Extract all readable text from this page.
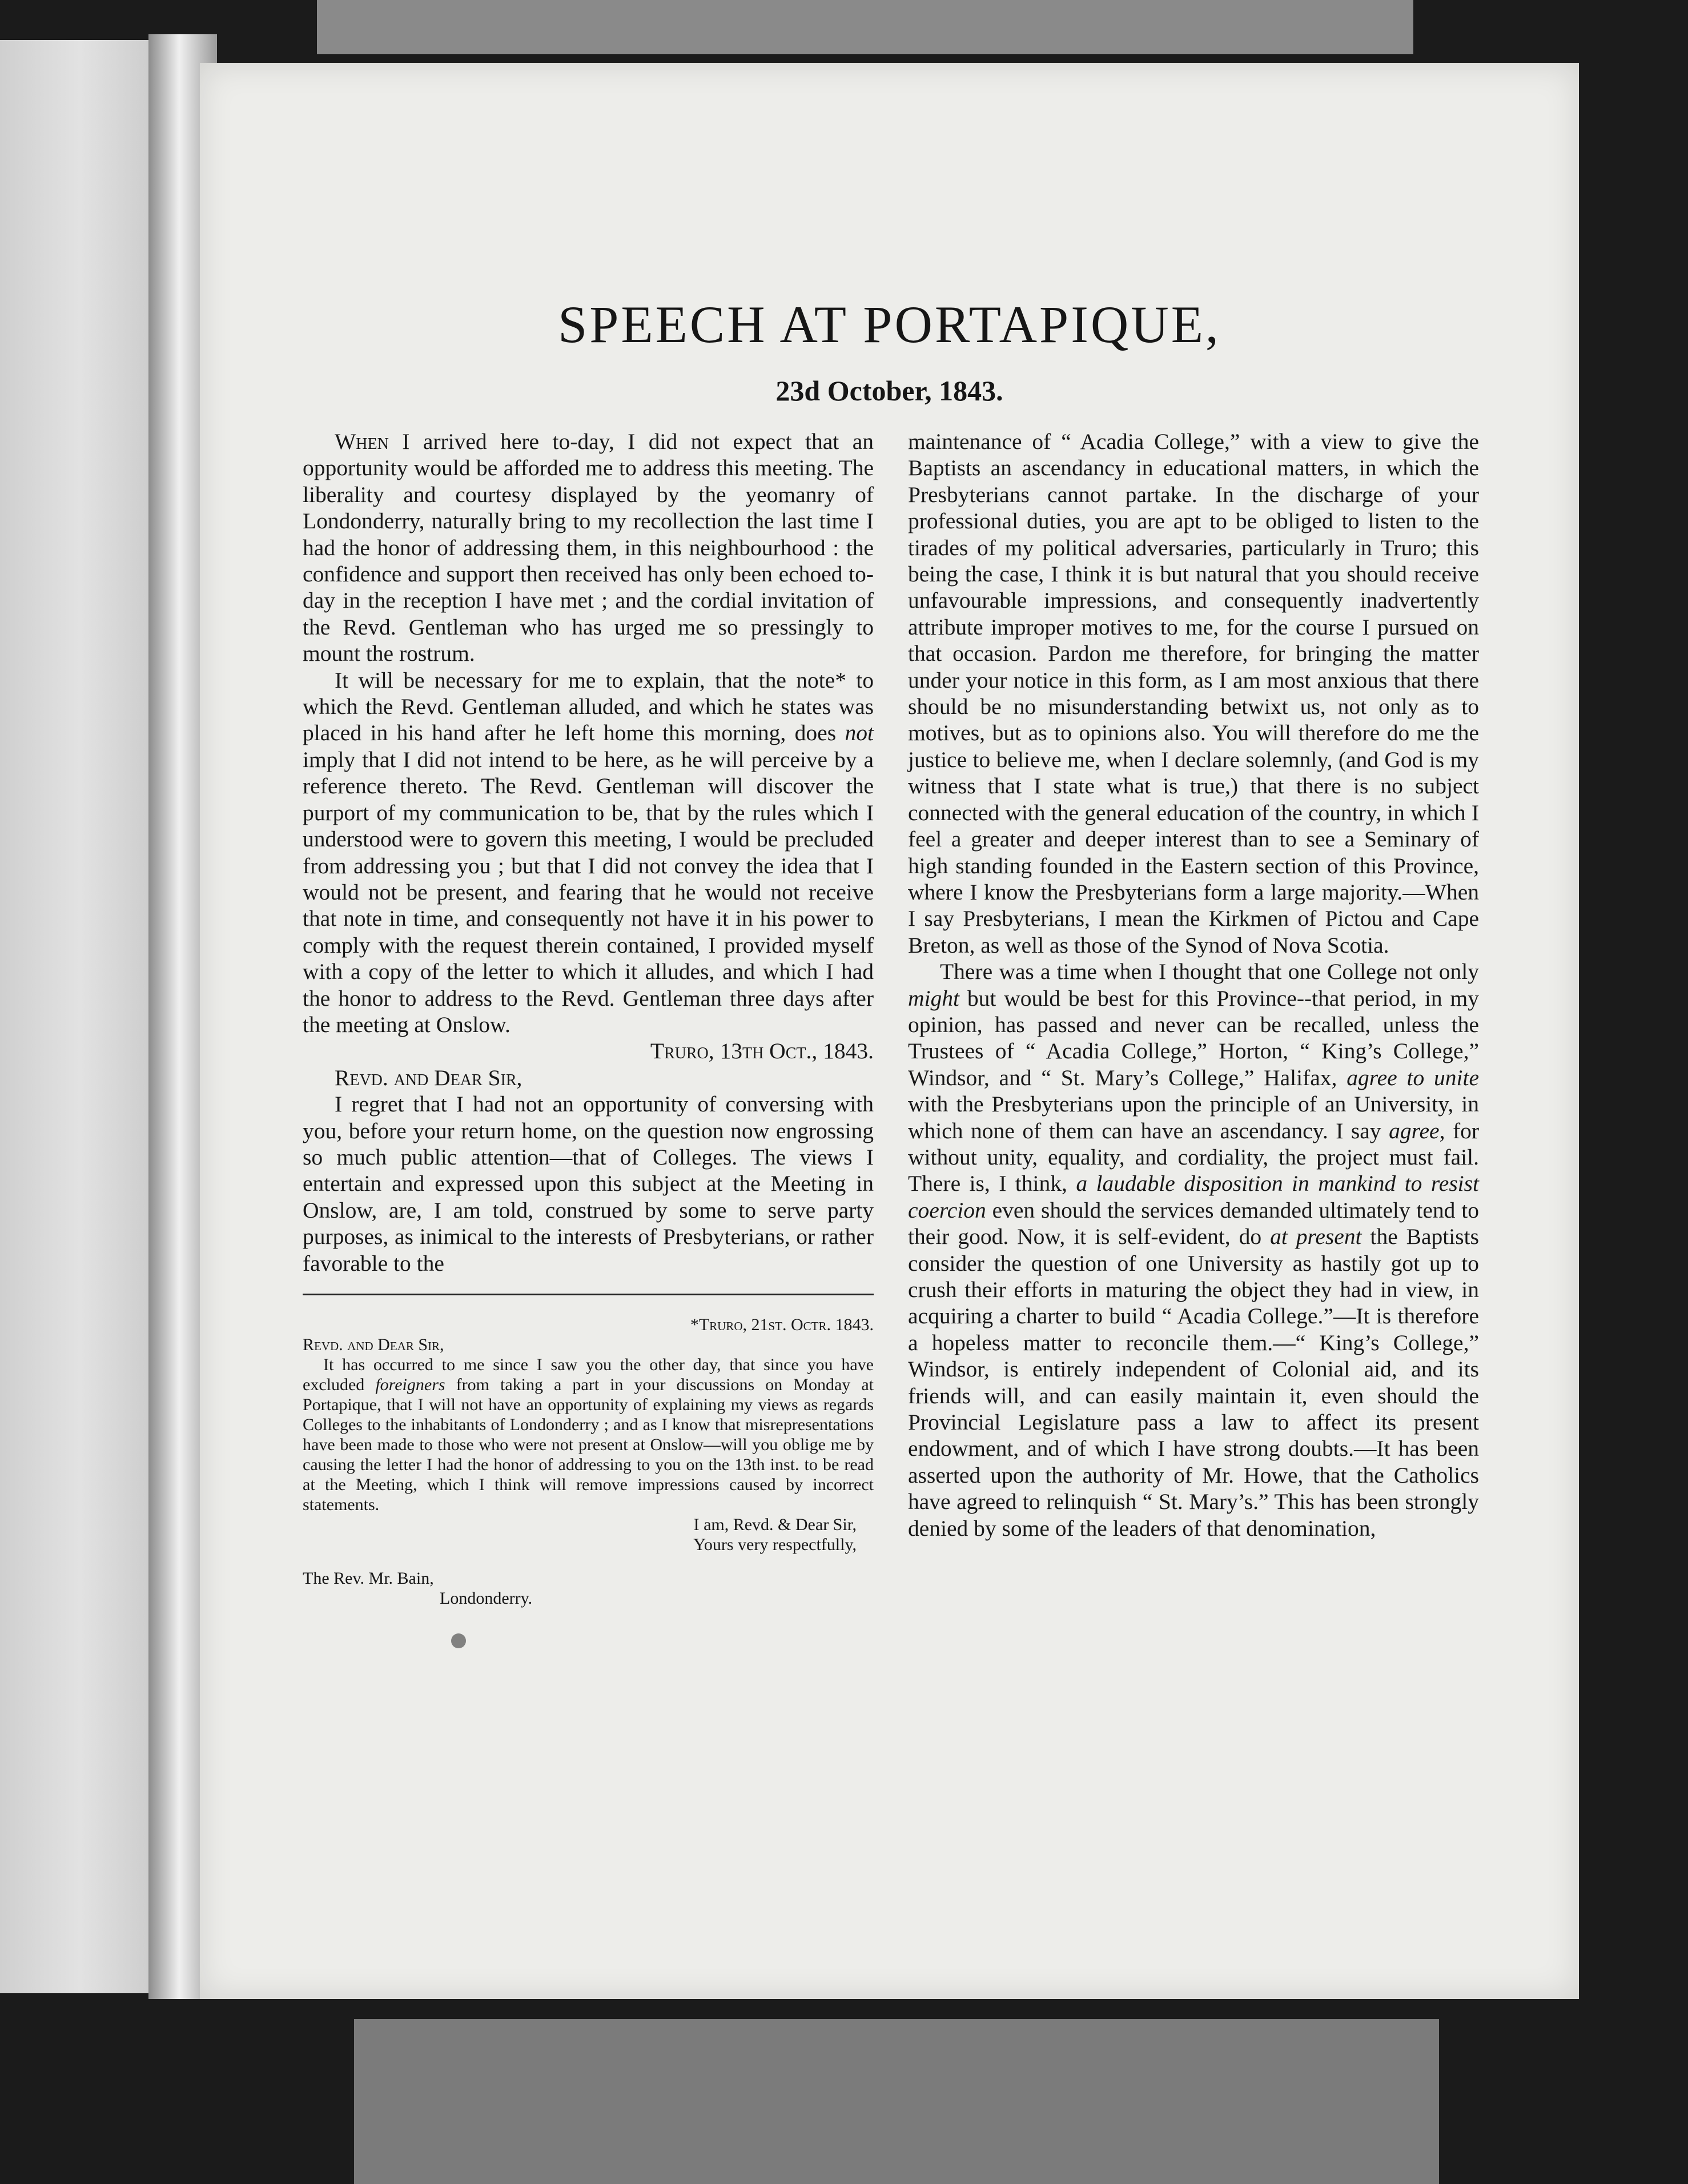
SPEECH AT PORTAPIQUE,
23d October, 1843.

When I arrived here to-day, I did not expect that an opportunity would be afforded me to address this meeting. The liberality and courtesy displayed by the yeomanry of Londonderry, naturally bring to my recollection the last time I had the honor of addressing them, in this neighbourhood : the confidence and support then received has only been echoed to-day in the reception I have met ; and the cordial invitation of the Revd. Gentleman who has urged me so pressingly to mount the rostrum.

It will be necessary for me to explain, that the note* to which the Revd. Gentleman alluded, and which he states was placed in his hand after he left home this morning, does not imply that I did not intend to be here, as he will perceive by a reference thereto. The Revd. Gentleman will discover the purport of my communication to be, that by the rules which I understood were to govern this meeting, I would be precluded from addressing you ; but that I did not convey the idea that I would not be present, and fearing that he would not receive that note in time, and consequently not have it in his power to comply with the request therein contained, I provided myself with a copy of the letter to which it alludes, and which I had the honor to address to the Revd. Gentleman three days after the meeting at Onslow.

Truro, 13th Oct., 1843.

Revd. and Dear Sir,

I regret that I had not an opportunity of conversing with you, before your return home, on the question now engrossing so much public attention—that of Colleges. The views I entertain and expressed upon this subject at the Meeting in Onslow, are, I am told, construed by some to serve party purposes, as inimical to the interests of Presbyterians, or rather favorable to the

*Truro, 21st. Octr. 1843.

Revd. and Dear Sir,

It has occurred to me since I saw you the other day, that since you have excluded foreigners from taking a part in your discussions on Monday at Portapique, that I will not have an opportunity of explaining my views as regards Colleges to the inhabitants of Londonderry ; and as I know that misrepresentations have been made to those who were not present at Onslow—will you oblige me by causing the letter I had the honor of addressing to you on the 13th inst. to be read at the Meeting, which I think will remove impressions caused by incorrect statements.

I am, Revd. & Dear Sir,

Yours very respectfully,

The Rev. Mr. Bain,

Londonderry.

maintenance of “ Acadia College,” with a view to give the Baptists an ascendancy in educational matters, in which the Presbyterians cannot partake. In the discharge of your professional duties, you are apt to be obliged to listen to the tirades of my political adversaries, particularly in Truro; this being the case, I think it is but natural that you should receive unfavourable impressions, and consequently inadvertently attribute improper motives to me, for the course I pursued on that occasion. Pardon me therefore, for bringing the matter under your notice in this form, as I am most anxious that there should be no misunderstanding betwixt us, not only as to motives, but as to opinions also. You will therefore do me the justice to believe me, when I declare solemnly, (and God is my witness that I state what is true,) that there is no subject connected with the general education of the country, in which I feel a greater and deeper interest than to see a Seminary of high standing founded in the Eastern section of this Province, where I know the Presbyterians form a large majority.—When I say Presbyterians, I mean the Kirkmen of Pictou and Cape Breton, as well as those of the Synod of Nova Scotia.

There was a time when I thought that one College not only might but would be best for this Province--that period, in my opinion, has passed and never can be recalled, unless the Trustees of “ Acadia College,” Horton, “ King’s College,” Windsor, and “ St. Mary’s College,” Halifax, agree to unite with the Presbyterians upon the principle of an University, in which none of them can have an ascendancy. I say agree, for without unity, equality, and cordiality, the project must fail. There is, I think, a laudable disposition in mankind to resist coercion even should the services demanded ultimately tend to their good. Now, it is self-evident, do at present the Baptists consider the question of one University as hastily got up to crush their efforts in maturing the object they had in view, in acquiring a charter to build “ Acadia College.”—It is therefore a hopeless matter to reconcile them.—“ King’s College,” Windsor, is entirely independent of Colonial aid, and its friends will, and can easily maintain it, even should the Provincial Legislature pass a law to affect its present endowment, and of which I have strong doubts.—It has been asserted upon the authority of Mr. Howe, that the Catholics have agreed to relinquish “ St. Mary’s.” This has been strongly denied by some of the leaders of that denomination,
